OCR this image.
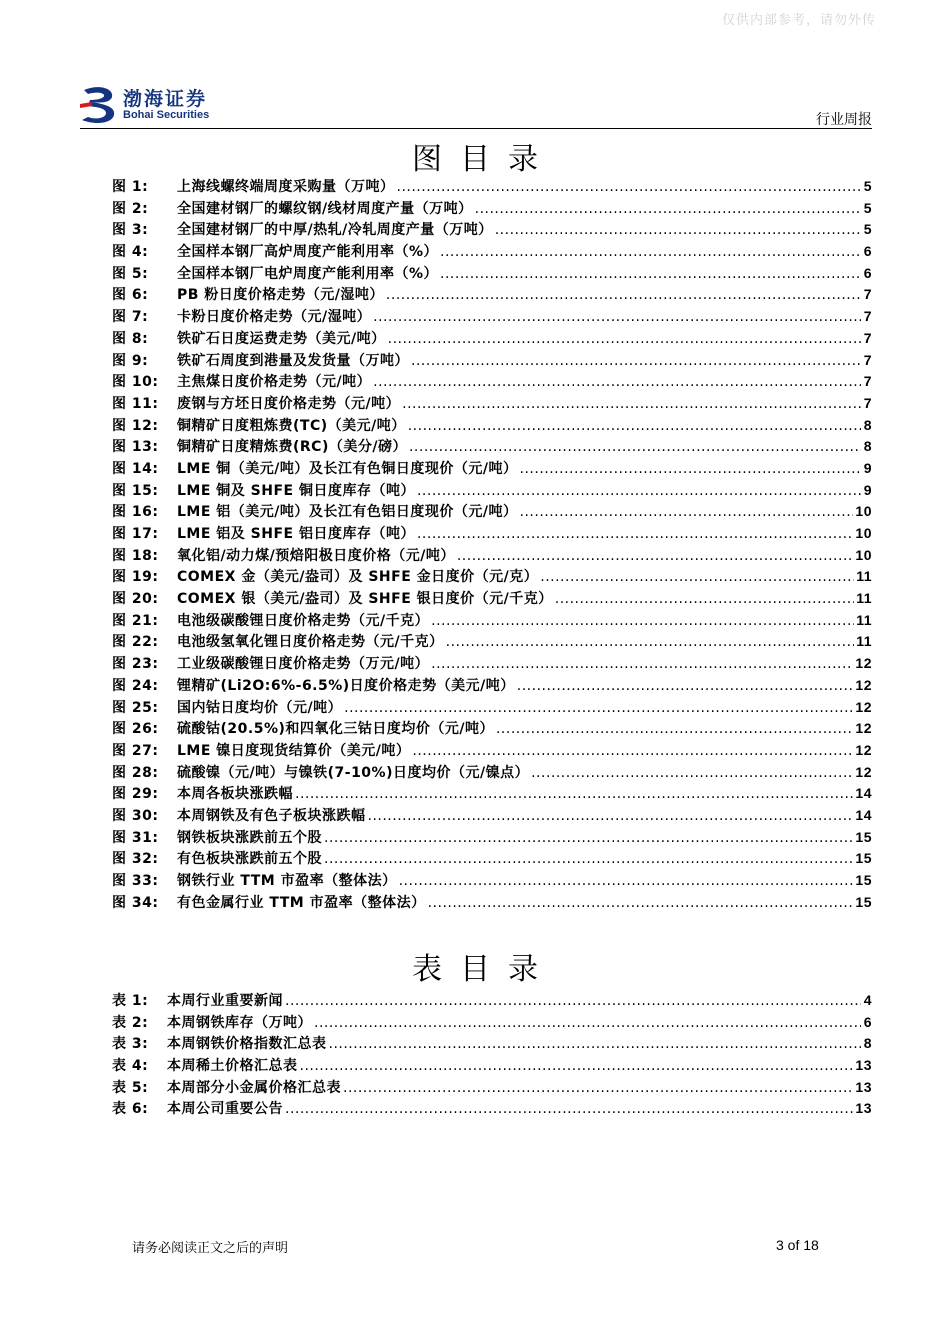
仅供内部参考，请勿外传
渤海证券
Bohai Securities	行业周报
图目录
图 1:	上海线螺终端周度采购量（万吨） .....	5
图 2:	全国建材钢厂的螺纹钢/线材周度产量（万吨） .....	5
图 3:	全国建材钢厂的中厚/热轧/冷轧周度产量（万吨） .....	5
图 4:	全国样本钢厂高炉周度产能利用率（%） .....	6
图 5:	全国样本钢厂电炉周度产能利用率（%） .....	6
图 6:	PB 粉日度价格走势（元/湿吨） .....	7
图 7:	卡粉日度价格走势（元/湿吨） .....	7
图 8:	铁矿石日度运费走势（美元/吨） .....	7
图 9:	铁矿石周度到港量及发货量（万吨） .....	7
图 10:	主焦煤日度价格走势（元/吨） .....	7
图 11:	废钢与方坯日度价格走势（元/吨） .....	7
图 12:	铜精矿日度粗炼费(TC)（美元/吨） .....	8
图 13:	铜精矿日度精炼费(RC)（美分/磅） .....	8
图 14:	LME 铜（美元/吨）及长江有色铜日度现价（元/吨） .....	9
图 15:	LME 铜及 SHFE 铜日度库存（吨） .....	9
图 16:	LME 铝（美元/吨）及长江有色铝日度现价（元/吨） .....	10
图 17:	LME 铝及 SHFE 铝日度库存（吨） .....	10
图 18:	氧化铝/动力煤/预焙阳极日度价格（元/吨） .....	10
图 19:	COMEX 金（美元/盎司）及 SHFE 金日度价（元/克） .....	11
图 20:	COMEX 银（美元/盎司）及 SHFE 银日度价（元/千克） .....	11
图 21:	电池级碳酸锂日度价格走势（元/千克） .....	11
图 22:	电池级氢氧化锂日度价格走势（元/千克） .....	11
图 23:	工业级碳酸锂日度价格走势（万元/吨） .....	12
图 24:	锂精矿(Li2O:6%-6.5%)日度价格走势（美元/吨） .....	12
图 25:	国内钴日度均价（元/吨） .....	12
图 26:	硫酸钴(20.5%)和四氧化三钴日度均价（元/吨） .....	12
图 27:	LME 镍日度现货结算价（美元/吨） .....	12
图 28:	硫酸镍（元/吨）与镍铁(7-10%)日度均价（元/镍点） .....	12
图 29:	本周各板块涨跌幅 .....	14
图 30:	本周钢铁及有色子板块涨跌幅 .....	14
图 31:	钢铁板块涨跌前五个股 .....	15
图 32:	有色板块涨跌前五个股 .....	15
图 33:	钢铁行业 TTM 市盈率（整体法） .....	15
图 34:	有色金属行业 TTM 市盈率（整体法） .....	15
表目录
表 1:	本周行业重要新闻 .....	4
表 2:	本周钢铁库存（万吨） .....	6
表 3:	本周钢铁价格指数汇总表 .....	8
表 4:	本周稀土价格汇总表 .....	13
表 5:	本周部分小金属价格汇总表 .....	13
表 6:	本周公司重要公告 .....	13
请务必阅读正文之后的声明	3 of 18
